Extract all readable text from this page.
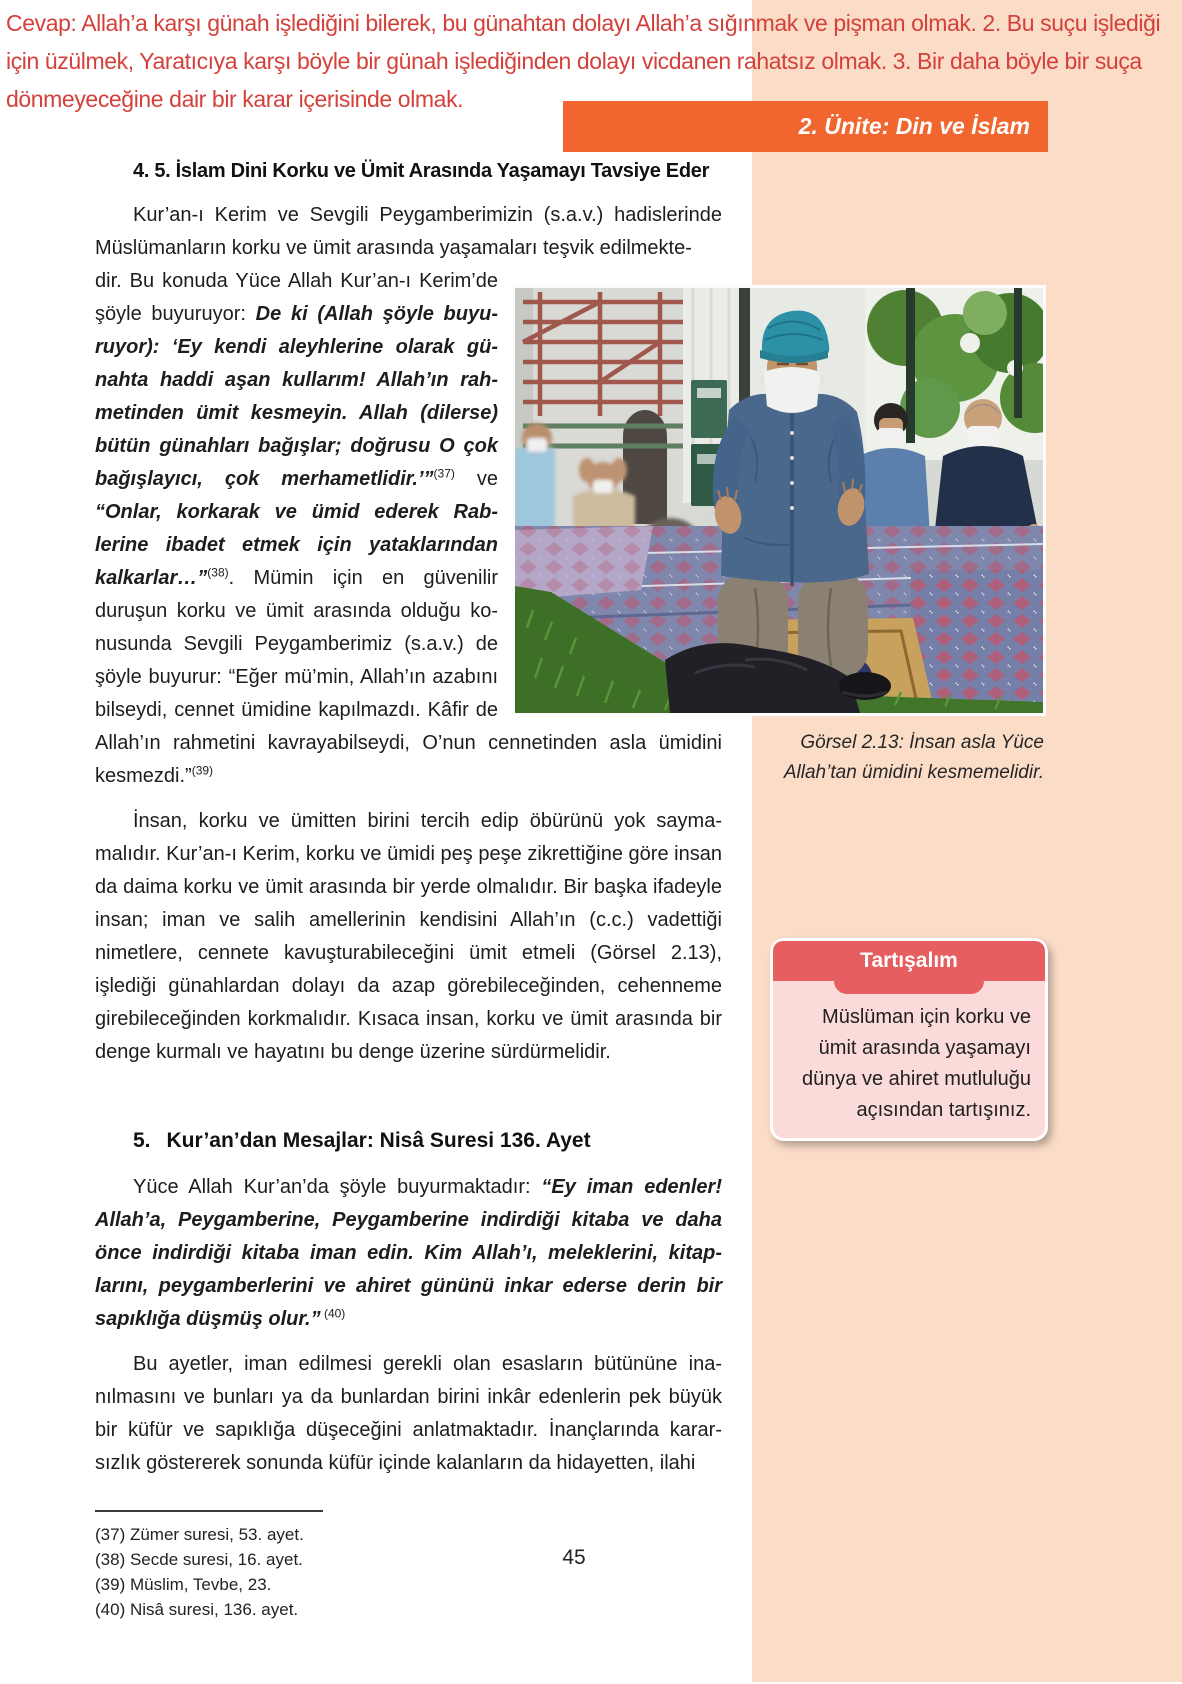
Cevap: Allah’a karşı günah işlediğini bilerek, bu günahtan dolayı Allah’a sığınmak ve pişman olmak. 2. Bu suçu işlediği için üzülmek, Yaratıcıya karşı böyle bir günah işlediğinden dolayı vicdanen rahatsız olmak. 3. Bir daha böyle bir suça dönmeyeceğine dair bir karar içerisinde olmak.
2. Ünite: Din ve İslam
4. 5. İslam Dini Korku ve Ümit Arasında Yaşamayı Tavsiye Eder

Kur’an-ı Kerim ve Sevgili Peygamberimizin (s.a.v.) hadislerinde Müslümanların korku ve ümit arasında yaşamaları teşvik edilmekte-

dir. Bu konuda Yüce Allah Kur’an-ı Kerim’de şöyle buyuruyor: De ki (Allah şöyle buyuruyor): ‘Ey kendi aleyhlerine olarak günahta haddi aşan kullarım! Allah’ın rahmetinden ümit kesmeyin. Allah (dilerse) bütün günahları bağışlar; doğrusu O çok bağışlayıcı, çok merhametlidir.’”$^{(37)}$ ve “Onlar, korkarak ve ümid ederek Rablerine ibadet etmek için yataklarından kalkarlar…”$^{(38)}$. Mümin için en güvenilir duruşun korku ve ümit arasında olduğu konusunda Sevgili Peygamberimiz (s.a.v.) de şöyle buyurur: “Eğer mü’min, Allah’ın azabını bilseydi, cennet ümidine kapılmazdı. Kâfir de Allah’ın rahmetini kavrayabilseydi, O’nun cennetinden asla ümidini kesmezdi.”$^{(39)}$

İnsan, korku ve ümitten birini tercih edip öbürünü yok saymamalıdır. Kur’an-ı Kerim, korku ve ümidi peş peşe zikrettiğine göre insan da daima korku ve ümit arasında bir yerde olmalıdır. Bir başka ifadeyle insan; iman ve salih amellerinin kendisini Allah’ın (c.c.) vadettiği nimetlere, cennete kavuşturabileceğini ümit etmeli (Görsel 2.13), işlediği günahlardan dolayı da azap görebileceğinden, cehenneme girebileceğinden korkmalıdır. Kısaca insan, korku ve ümit arasında bir denge kurmalı ve hayatını bu denge üzerine sürdürmelidir.

5. Kur’an’dan Mesajlar: Nisâ Suresi 136. Ayet

Yüce Allah Kur’an’da şöyle buyurmaktadır: “Ey iman edenler! Allah’a, Peygamberine, Peygamberine indirdiği kitaba ve daha önce indirdiği kitaba iman edin. Kim Allah’ı, meleklerini, kitaplarını, peygamberlerini ve ahiret gününü inkar ederse derin bir sapıklığa düşmüş olur.” $^{(40)}$

Bu ayetler, iman edilmesi gerekli olan esasların bütününe inanılmasını ve bunları ya da bunlardan birini inkâr edenlerin pek büyük bir küfür ve sapıklığa düşeceğini anlatmaktadır. İnançlarında kararsızlık göstererek sonunda küfür içinde kalanların da hidayetten, ilahi

(37) Zümer suresi, 53. ayet.
(38) Secde suresi, 16. ayet.
(39) Müslim, Tevbe, 23.
(40) Nisâ suresi, 136. ayet.
Görsel 2.13: İnsan asla Yüce Allah’tan ümidini kesmemelidir.
Tartışalım
Müslüman için korku ve ümit arasında yaşamayı dünya ve ahiret mutluluğu açısından tartışınız.
45
